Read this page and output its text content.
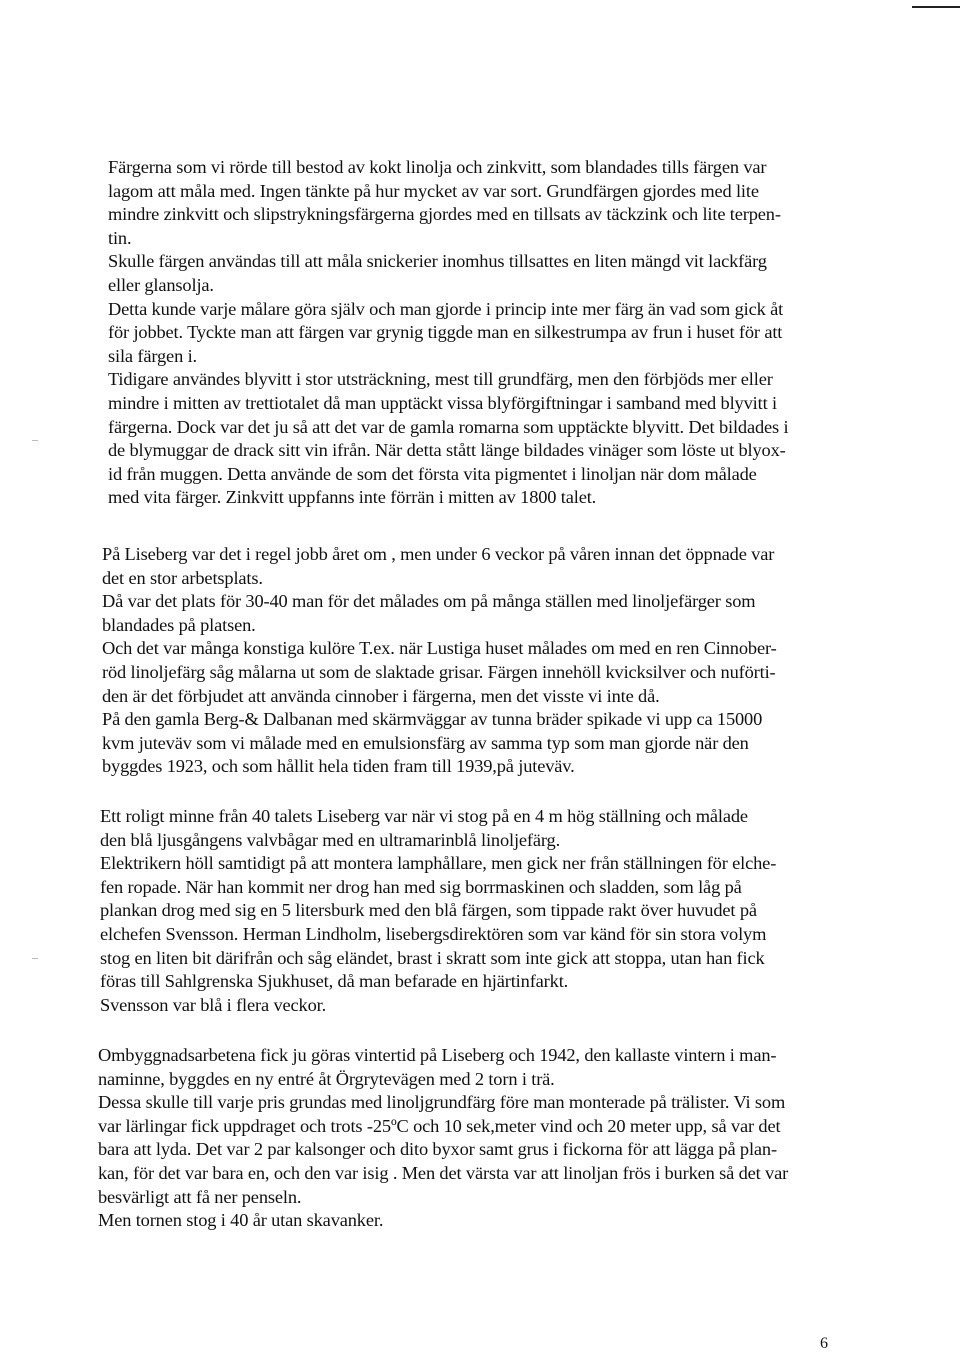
Färgerna som vi rörde till bestod av kokt linolja och zinkvitt, som blandades tills färgen var
lagom att måla med. Ingen tänkte på hur mycket av var sort. Grundfärgen gjordes med lite
mindre zinkvitt och slipstrykningsfärgerna gjordes med en tillsats av täckzink och lite terpen-
tin.
Skulle färgen användas till att måla snickerier inomhus tillsattes en liten mängd vit lackfärg
eller glansolja.
Detta kunde varje målare göra själv och man gjorde i princip inte mer färg än vad som gick åt
för jobbet. Tyckte man att färgen var grynig tiggde man en silkestrumpa av frun i huset för att
sila färgen i.
Tidigare användes blyvitt i stor utsträckning, mest till grundfärg, men den förbjöds mer eller
mindre i mitten av trettiotalet då man upptäckt vissa blyförgiftningar i samband med blyvitt i
färgerna. Dock var det ju så att det var de gamla romarna som upptäckte blyvitt. Det bildades i
de blymuggar de drack sitt vin ifrån. När detta stått länge bildades vinäger som löste ut blyox-
id från muggen. Detta använde de som det första vita pigmentet i linoljan när dom målade
med vita färger. Zinkvitt uppfanns inte förrän i mitten av 1800 talet.
På Liseberg var det i regel jobb året om , men under 6 veckor på våren innan det öppnade var
det en stor arbetsplats.
Då var det plats för 30-40 man för det målades om på många ställen med linoljefärger som
blandades på platsen.
Och det var många konstiga kulöre T.ex. när Lustiga huset målades om med en ren Cinnober-
röd linoljefärg såg målarna ut som de slaktade grisar. Färgen innehöll kvicksilver och nuförti-
den är det förbjudet att använda cinnober i färgerna, men det visste vi inte då.
På den gamla Berg-& Dalbanan med skärmväggar av tunna bräder spikade vi upp ca 15000
kvm juteväv som vi målade med en emulsionsfärg av samma typ som man gjorde när den
byggdes 1923, och som hållit hela tiden fram till 1939,på juteväv.
Ett roligt minne från 40 talets Liseberg var när vi stog på en 4 m hög ställning och målade
den blå ljusgångens valvbågar med en ultramarinblå linoljefärg.
Elektrikern höll samtidigt på att montera lamphållare, men gick ner från ställningen för elche-
fen ropade. När han kommit ner drog han med sig borrmaskinen och sladden, som låg på
plankan drog med sig en 5 litersburk med den blå färgen, som tippade rakt över huvudet på
elchefen Svensson. Herman Lindholm, lisebergsdirektören som var känd för sin stora volym
stog en liten bit därifrån och såg eländet, brast i skratt som inte gick att stoppa, utan han fick
föras till Sahlgrenska Sjukhuset, då man befarade en hjärtinfarkt.
Svensson var blå i flera veckor.
Ombyggnadsarbetena fick ju göras vintertid på Liseberg och 1942, den kallaste vintern i man-
naminne, byggdes en ny entré åt Örgrytevägen med 2 torn i trä.
Dessa skulle till varje pris grundas med linoljgrundfärg före man monterade på trälister. Vi som
var lärlingar fick uppdraget och trots -25ºC och 10 sek,meter vind och 20 meter upp, så var det
bara att lyda. Det var 2 par kalsonger och dito byxor samt grus i fickorna för att lägga på plan-
kan, för det var bara en, och den var isig . Men det värsta var att linoljan frös i burken så det var
besvärligt att få ner penseln.
Men tornen stog i 40 år utan skavanker.
6
